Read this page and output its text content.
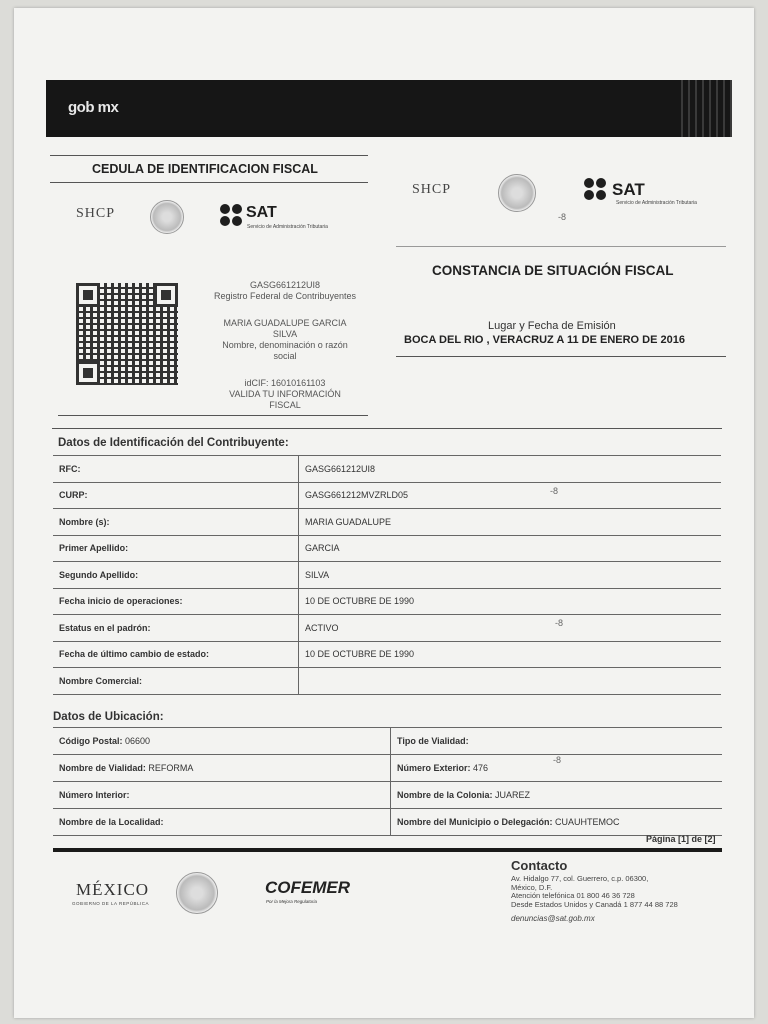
gob mx
CEDULA DE IDENTIFICACION FISCAL
SHCP	SAT
Servicio de Administración Tributaria
GASG661212UI8
Registro Federal de Contribuyentes
MARIA GUADALUPE GARCIA
SILVA
Nombre, denominación o razón
social
idCIF: 16010161103
VALIDA TU INFORMACIÓN
FISCAL
SHCP	SAT
Servicio de Administración Tributaria
CONSTANCIA DE SITUACIÓN FISCAL
Lugar y Fecha de Emisión
BOCA DEL RIO , VERACRUZ A 11 DE ENERO DE 2016
Datos de Identificación del Contribuyente:
RFC:	GASG661212UI8
CURP:	GASG661212MVZRLD05
Nombre (s):	MARIA GUADALUPE
Primer Apellido:	GARCIA
Segundo Apellido:	SILVA
Fecha inicio de operaciones:	10 DE OCTUBRE DE 1990
Estatus en el padrón:	ACTIVO
Fecha de último cambio de estado:	10 DE OCTUBRE DE 1990
Nombre Comercial:	
Datos de Ubicación:
Código Postal: 06600	Tipo de Vialidad:
Nombre de Vialidad: REFORMA	Número Exterior: 476
Número Interior:	Nombre de la Colonia: JUAREZ
Nombre de la Localidad:	Nombre del Municipio o Delegación: CUAUHTEMOC
Página [1] de [2]
MÉXICO
GOBIERNO DE LA REPÚBLICA
COFEMER
Por la Mejora Regulatoria
Contacto
Av. Hidalgo 77, col. Guerrero, c.p. 06300,
México, D.F.
Atención telefónica 01 800 46 36 728
Desde Estados Unidos y Canadá 1 877 44 88 728
denuncias@sat.gob.mx
-8
-8
-8
-8
